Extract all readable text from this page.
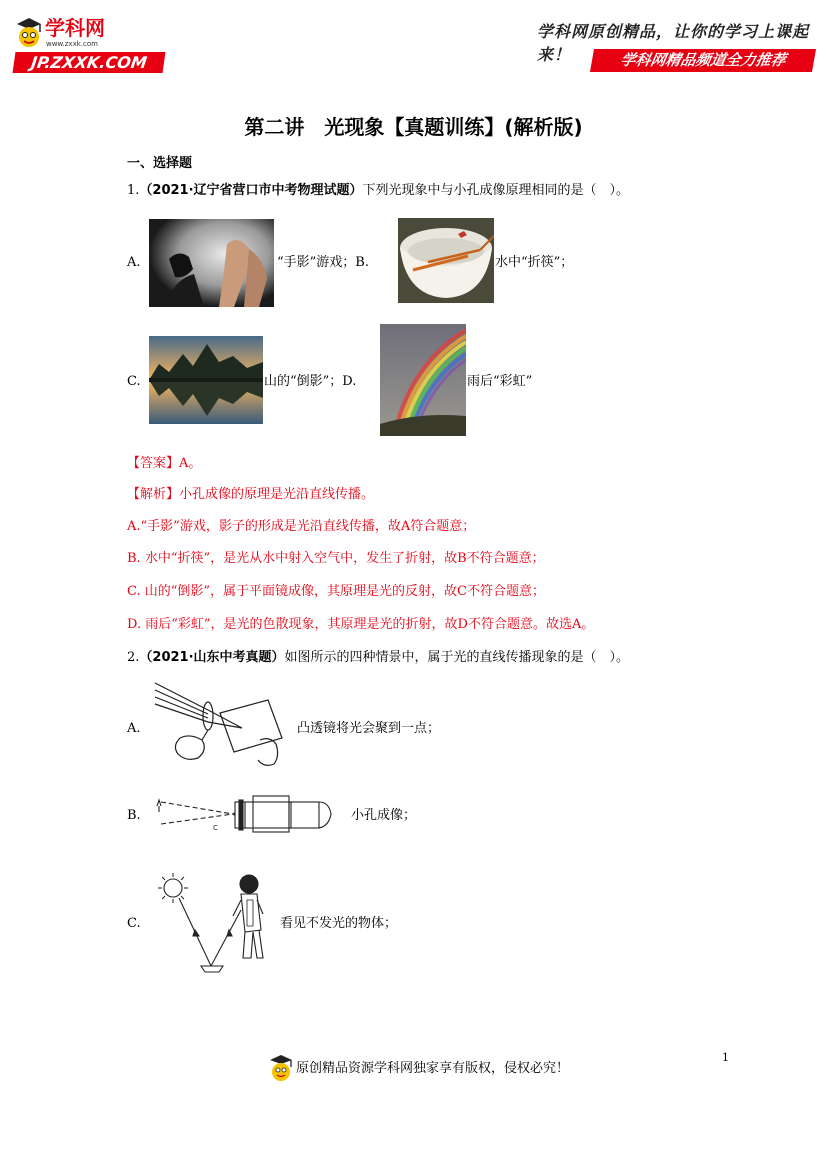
学科网
www.zxxk.com
JP.ZXXK.COM
学科网原创精品，让你的学习上课起来！	学科网精品频道全力推荐
第二讲　光现象【真题训练】(解析版)
一、选择题
1.（2021·辽宁省营口市中考物理试题）下列光现象中与小孔成像原理相同的是（　）。
A.	“手影”游戏；B.	水中“折筷”；
C.	山的“倒影”；D.	雨后“彩虹”
【答案】A。
【解析】小孔成像的原理是光沿直线传播。
A.“手影”游戏，影子的形成是光沿直线传播，故A符合题意；
B. 水中“折筷”，是光从水中射入空气中，发生了折射，故B不符合题意；
C. 山的“倒影”，属于平面镜成像，其原理是光的反射，故C不符合题意；
D. 雨后“彩虹”，是光的色散现象，其原理是光的折射，故D不符合题意。故选A。
2.（2021·山东中考真题）如图所示的四种情景中，属于光的直线传播现象的是（　）。
A.	凸透镜将光会聚到一点；
B.
C
小孔成像；
C.	看见不发光的物体；
1
原创精品资源学科网独家享有版权，侵权必究！
